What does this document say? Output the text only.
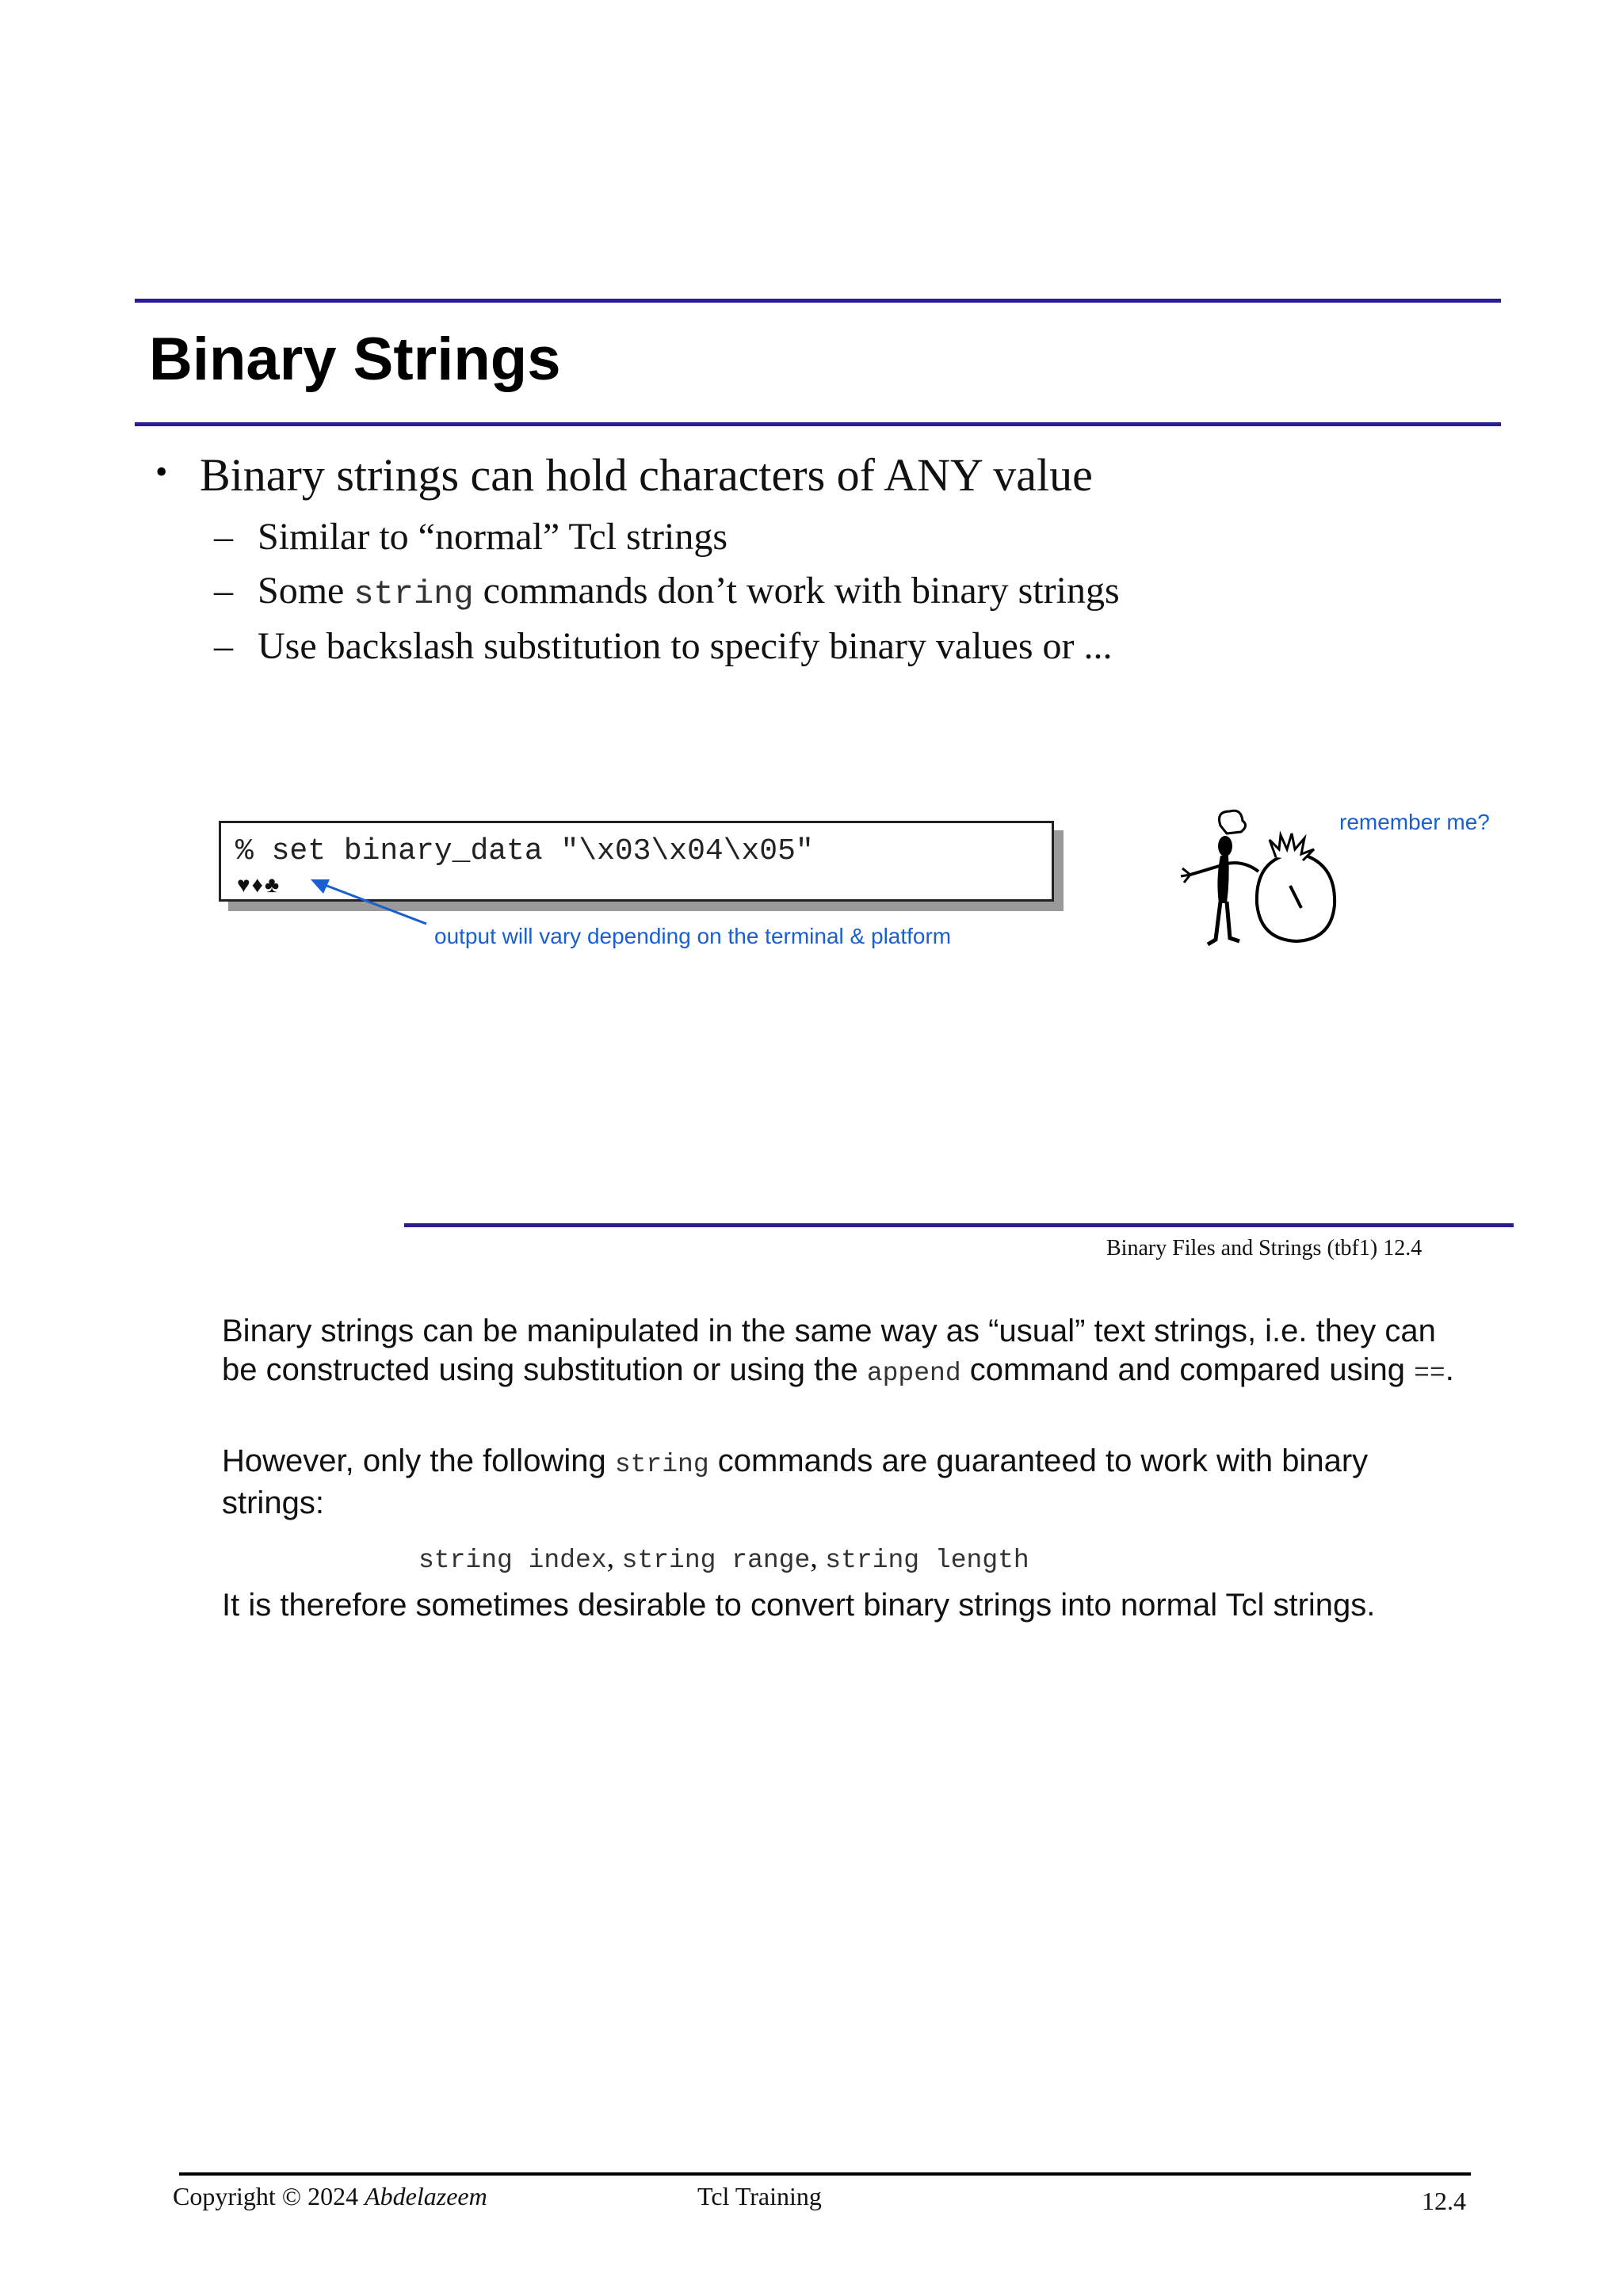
Binary Strings
• Binary strings can hold characters of ANY value
– Similar to “normal” Tcl strings
– Some string commands don’t work with binary strings
– Use backslash substitution to specify binary values or ...
% set binary_data "\x03\x04\x05"
♥♦♣
output will vary depending on the terminal & platform
remember me?
Binary Files and Strings (tbf1) 12.4
Binary strings can be manipulated in the same way as “usual” text strings, i.e. they can be constructed using substitution or using the append command and compared using ==.
However, only the following string commands are guaranteed to work with binary strings:
string index, string range, string length
It is therefore sometimes desirable to convert binary strings into normal Tcl strings.
Copyright © 2024 Abdelazeem	Tcl Training	12.4
